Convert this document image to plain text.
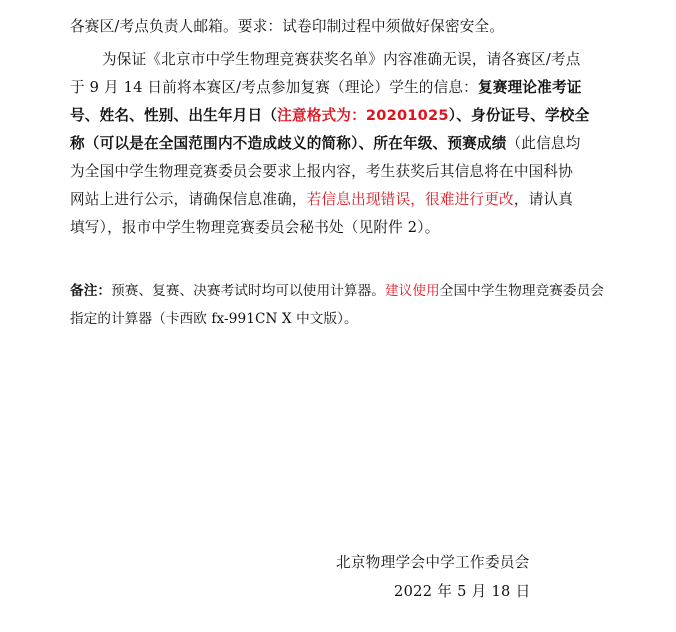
各赛区/考点负责人邮箱。要求：试卷印制过程中须做好保密安全。
为保证《北京市中学生物理竞赛获奖名单》内容准确无误，请各赛区/考点
于 9 月 14 日前将本赛区/考点参加复赛（理论）学生的信息：复赛理论准考证
号、姓名、性别、出生年月日（注意格式为：20201025）、身份证号、学校全
称（可以是在全国范围内不造成歧义的简称）、所在年级、预赛成绩（此信息均
为全国中学生物理竞赛委员会要求上报内容，考生获奖后其信息将在中国科协
网站上进行公示，请确保信息准确，若信息出现错误，很难进行更改，请认真
填写），报市中学生物理竞赛委员会秘书处（见附件 2）。
备注：预赛、复赛、决赛考试时均可以使用计算器。建议使用全国中学生物理竞赛委员会
指定的计算器（卡西欧 fx-991CN X 中文版）。
北京物理学会中学工作委员会
2022 年 5 月 18 日
